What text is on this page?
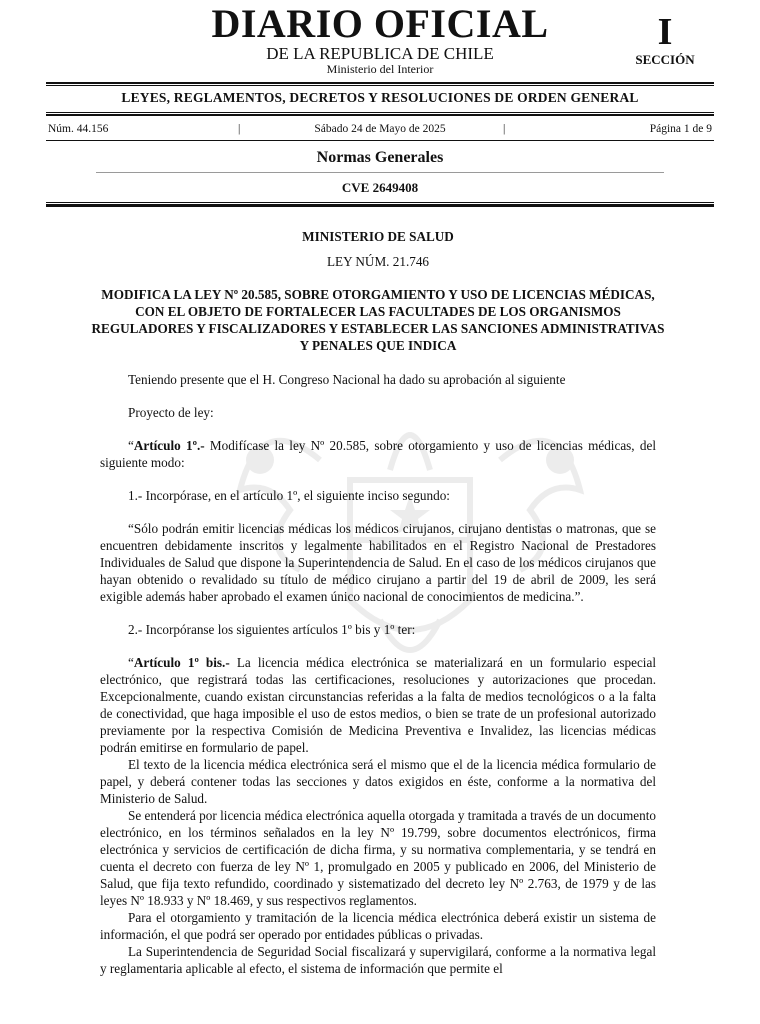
DIARIO OFICIAL
DE LA REPUBLICA DE CHILE
Ministerio del Interior
I
SECCIÓN
LEYES, REGLAMENTOS, DECRETOS Y RESOLUCIONES DE ORDEN GENERAL
Núm. 44.156	|	Sábado 24 de Mayo de 2025	|	Página 1 de 9
Normas Generales
CVE 2649408

MINISTERIO DE SALUD

LEY NÚM. 21.746

MODIFICA LA LEY Nº 20.585, SOBRE OTORGAMIENTO Y USO DE LICENCIAS MÉDICAS, CON EL OBJETO DE FORTALECER LAS FACULTADES DE LOS ORGANISMOS REGULADORES Y FISCALIZADORES Y ESTABLECER LAS SANCIONES ADMINISTRATIVAS Y PENALES QUE INDICA

Teniendo presente que el H. Congreso Nacional ha dado su aprobación al siguiente

Proyecto de ley:

“Artículo 1º.- Modifícase la ley Nº 20.585, sobre otorgamiento y uso de licencias médicas, del siguiente modo:

1.- Incorpórase, en el artículo 1º, el siguiente inciso segundo:

“Sólo podrán emitir licencias médicas los médicos cirujanos, cirujano dentistas o matronas, que se encuentren debidamente inscritos y legalmente habilitados en el Registro Nacional de Prestadores Individuales de Salud que dispone la Superintendencia de Salud. En el caso de los médicos cirujanos que hayan obtenido o revalidado su título de médico cirujano a partir del 19 de abril de 2009, les será exigible además haber aprobado el examen único nacional de conocimientos de medicina.”.

2.- Incorpóranse los siguientes artículos 1º bis y 1º ter:

“Artículo 1º bis.- La licencia médica electrónica se materializará en un formulario especial electrónico, que registrará todas las certificaciones, resoluciones y autorizaciones que procedan. Excepcionalmente, cuando existan circunstancias referidas a la falta de medios tecnológicos o a la falta de conectividad, que haga imposible el uso de estos medios, o bien se trate de un profesional autorizado previamente por la respectiva Comisión de Medicina Preventiva e Invalidez, las licencias médicas podrán emitirse en formulario de papel.

El texto de la licencia médica electrónica será el mismo que el de la licencia médica formulario de papel, y deberá contener todas las secciones y datos exigidos en éste, conforme a la normativa del Ministerio de Salud.

Se entenderá por licencia médica electrónica aquella otorgada y tramitada a través de un documento electrónico, en los términos señalados en la ley Nº 19.799, sobre documentos electrónicos, firma electrónica y servicios de certificación de dicha firma, y su normativa complementaria, y se tendrá en cuenta el decreto con fuerza de ley Nº 1, promulgado en 2005 y publicado en 2006, del Ministerio de Salud, que fija texto refundido, coordinado y sistematizado del decreto ley Nº 2.763, de 1979 y de las leyes Nº 18.933 y Nº 18.469, y sus respectivos reglamentos.

Para el otorgamiento y tramitación de la licencia médica electrónica deberá existir un sistema de información, el que podrá ser operado por entidades públicas o privadas.

La Superintendencia de Seguridad Social fiscalizará y supervigilará, conforme a la normativa legal y reglamentaria aplicable al efecto, el sistema de información que permite el
